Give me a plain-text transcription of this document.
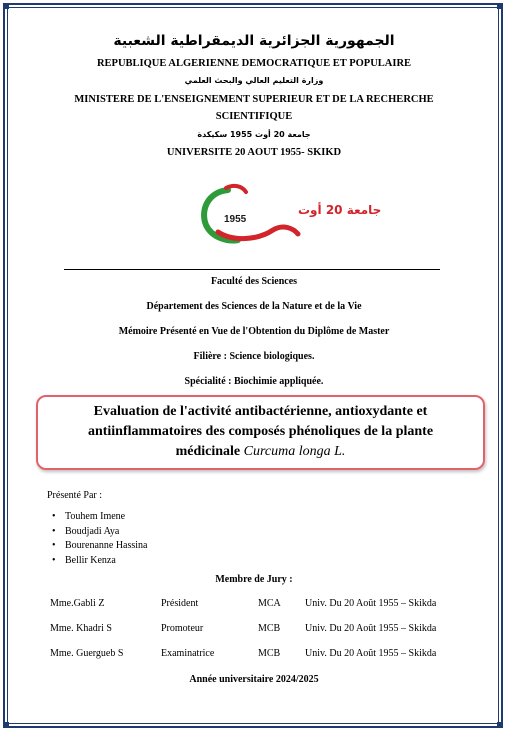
الجمهورية الجزائرية الديمقراطية الشعبية
REPUBLIQUE ALGERIENNE DEMOCRATIQUE ET POPULAIRE
وزارة التعليم العالي والبحث العلمي
MINISTERE DE L'ENSEIGNEMENT SUPERIEUR ET DE LA RECHERCHE
SCIENTIFIQUE
جامعة 20 أوت 1955 سكيكدة
UNIVERSITE 20 AOUT 1955- SKIKD
1955
جامعة 20 أوت
Faculté des Sciences
Département des Sciences de la Nature et de la Vie
Mémoire Présenté en Vue de l'Obtention du Diplôme de Master
Filière : Science biologiques.
Spécialité : Biochimie appliquée.
Evaluation de l'activité antibactérienne, antioxydante et
antiinflammatoires des composés phénoliques de la plante
médicinale Curcuma longa L.
Présenté Par :
• Touhem Imene
• Boudjadi Aya
• Bourenanne Hassina
• Bellir Kenza
Membre de Jury :
Mme.Gabli Z	Président	MCA Univ. Du 20 Août 1955 – Skikda
Mme. Khadri S	Promoteur	MCB Univ. Du 20 Août 1955 – Skikda
Mme. Guergueb S	Examinatrice	MCB Univ. Du 20 Août 1955 – Skikda
Année universitaire 2024/2025
